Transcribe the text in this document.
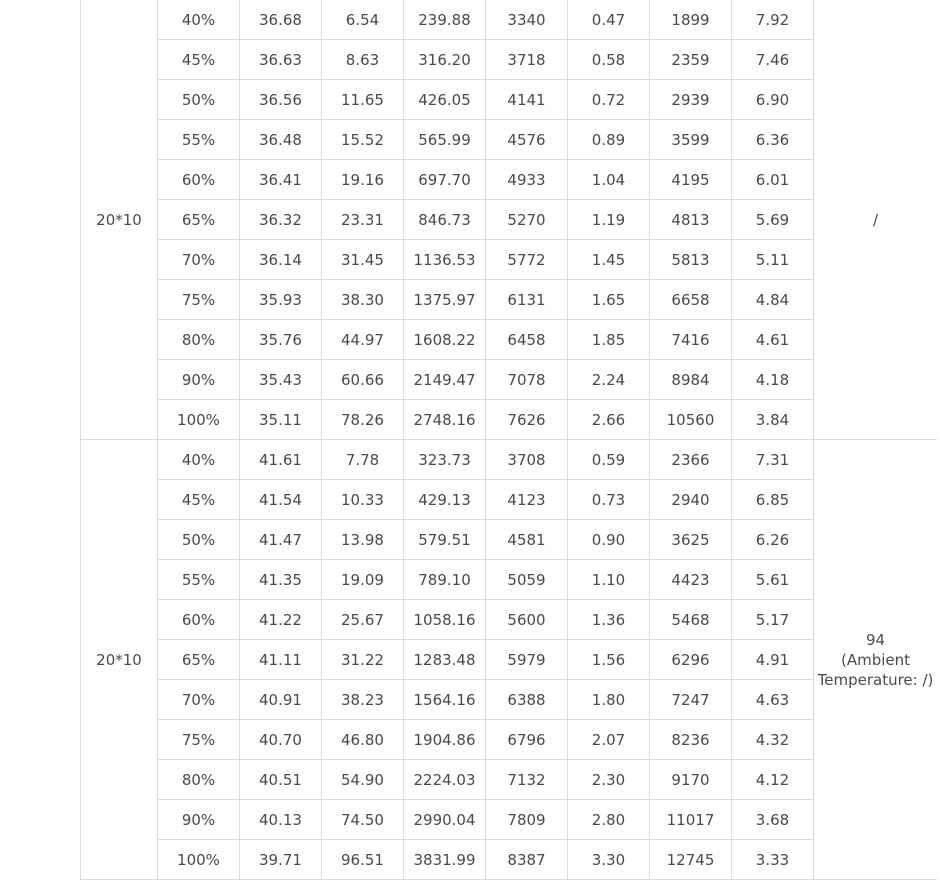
20*10	40%	36.68	6.54	239.88	3340	0.47	1899	7.92	/

	45%	36.63	8.63	316.20	3718	0.58	2359	7.46	
	50%	36.56	11.65	426.05	4141	0.72	2939	6.90	
	55%	36.48	15.52	565.99	4576	0.89	3599	6.36	
	60%	36.41	19.16	697.70	4933	1.04	4195	6.01	
	65%	36.32	23.31	846.73	5270	1.19	4813	5.69	
	70%	36.14	31.45	1136.53	5772	1.45	5813	5.11	
	75%	35.93	38.30	1375.97	6131	1.65	6658	4.84	
	80%	35.76	44.97	1608.22	6458	1.85	7416	4.61	
	90%	35.43	60.66	2149.47	7078	2.24	8984	4.18	
	100%	35.11	78.26	2748.16	7626	2.66	10560	3.84	
20*10	40%	41.61	7.78	323.73	3708	0.59	2366	7.31	94
(Ambient
Temperature: /)

	45%	41.54	10.33	429.13	4123	0.73	2940	6.85	
	50%	41.47	13.98	579.51	4581	0.90	3625	6.26	
	55%	41.35	19.09	789.10	5059	1.10	4423	5.61	
	60%	41.22	25.67	1058.16	5600	1.36	5468	5.17	
	65%	41.11	31.22	1283.48	5979	1.56	6296	4.91	
	70%	40.91	38.23	1564.16	6388	1.80	7247	4.63	
	75%	40.70	46.80	1904.86	6796	2.07	8236	4.32	
	80%	40.51	54.90	2224.03	7132	2.30	9170	4.12	
	90%	40.13	74.50	2990.04	7809	2.80	11017	3.68	
	100%	39.71	96.51	3831.99	8387	3.30	12745	3.33	
